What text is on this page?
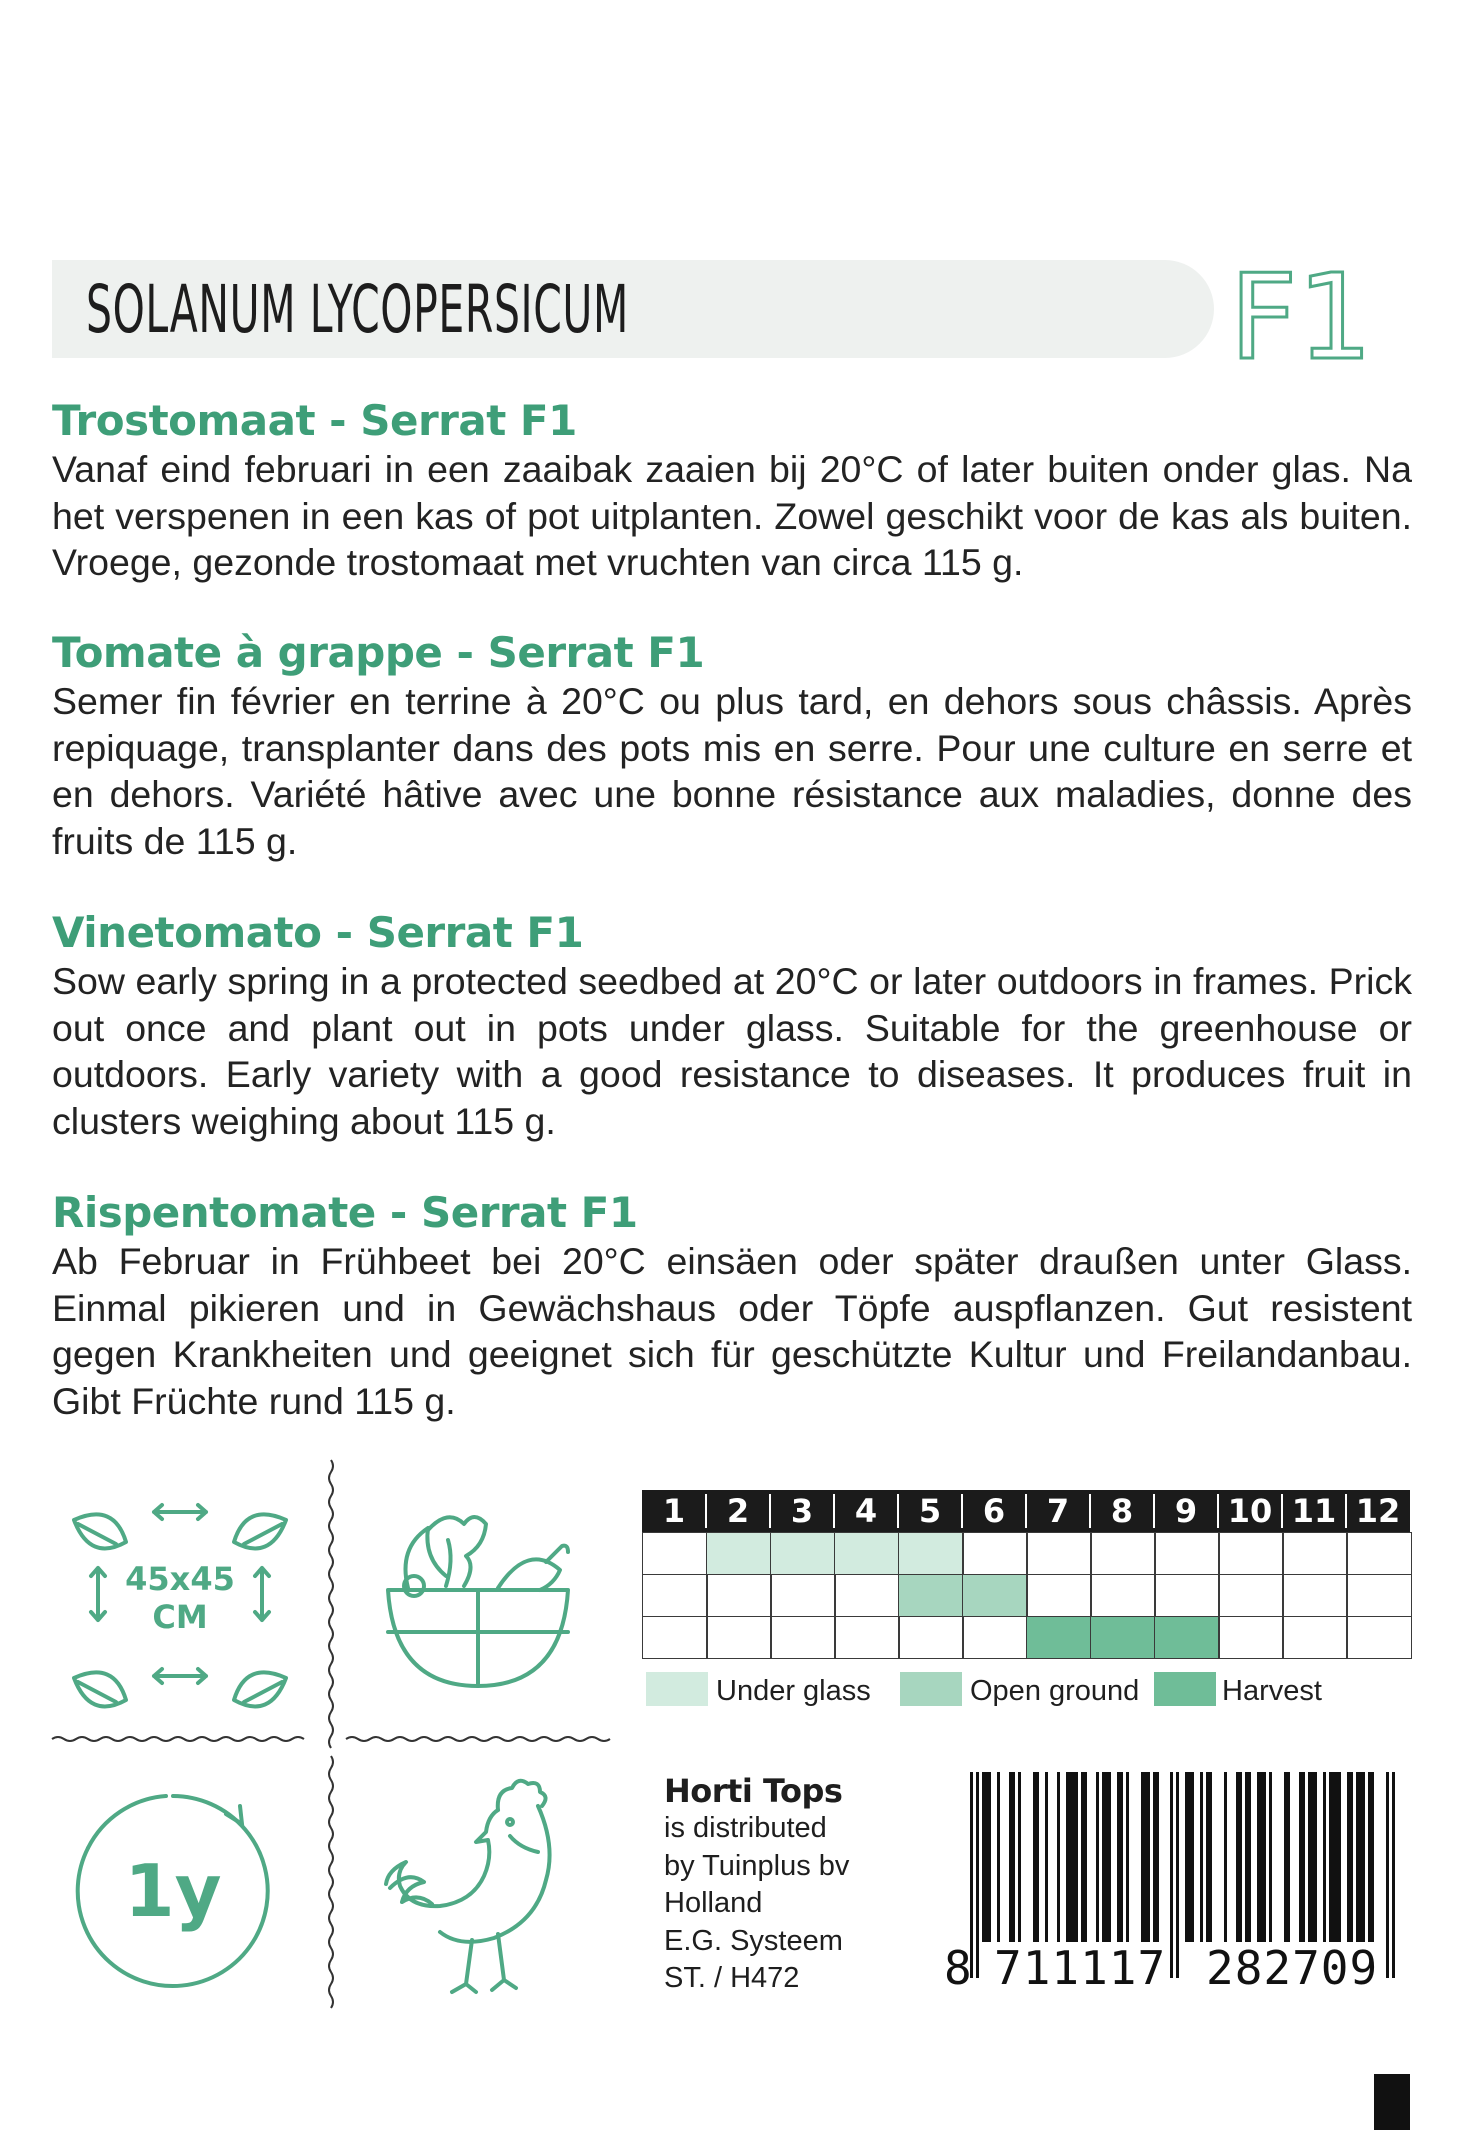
SOLANUM LYCOPERSICUM	F1
Trostomaat - Serrat F1

Vanaf eind februari in een zaaibak zaaien bij 20°C of later buiten onder glas. Na het verspenen in een kas of pot uitplanten. Zowel geschikt voor de kas als buiten. Vroege, gezonde trostomaat met vruchten van circa 115 g.

Tomate à grappe - Serrat F1

Semer fin février en terrine à 20°C ou plus tard, en dehors sous châssis. Après repiquage, transplanter dans des pots mis en serre. Pour une culture en serre et en dehors. Variété hâtive avec une bonne résistance aux maladies, donne des fruits de 115 g.

Vinetomato - Serrat F1

Sow early spring in a protected seedbed at 20°C or later outdoors in frames. Prick out once and plant out in pots under glass. Suitable for the greenhouse or outdoors. Early variety with a good resistance to diseases. It produces fruit in clusters weighing about 115 g.

Rispentomate - Serrat F1

Ab Februar in Frühbeet bei 20°C einsäen oder später draußen unter Glass. Einmal pikieren und in Gewächshaus oder Töpfe auspflanzen. Gut resistent gegen Krankheiten und geeignet sich für geschützte Kultur und Freilandanbau. Gibt Früchte rund 115 g.

45x45
CM
1y
1	2	3	4	5	6	7	8	9 10 11 12
Under glass	Open ground	Harvest
Horti Tops
is distributed
by Tuinplus bv
Holland
E.G. Systeem
ST. / H472	8 711117 282709
